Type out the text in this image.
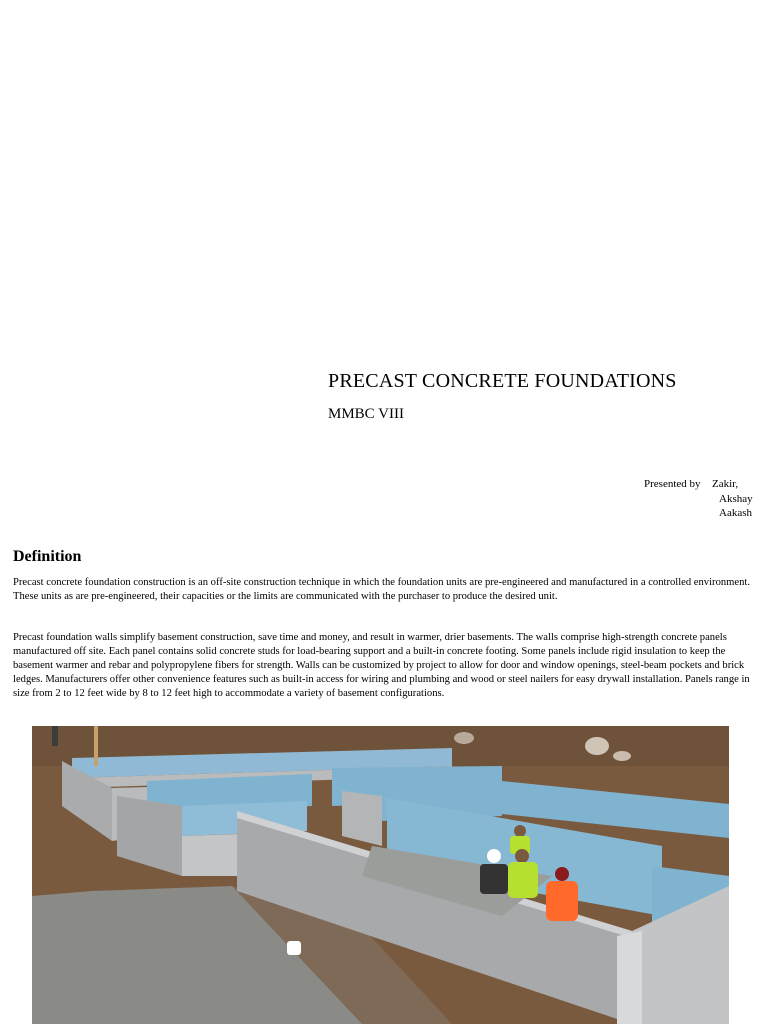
PRECAST CONCRETE FOUNDATIONS
MMBC VIII
Presented by	Zakir,
Akshay
Aakash
Definition

Precast concrete foundation construction is an off-site construction technique in which the foundation units are pre-engineered and manufactured in a controlled environment. These units as are pre-engineered, their capacities or the limits are communicated with the purchaser to produce the desired unit.

Precast foundation walls simplify basement construction, save time and money, and result in warmer, drier basements. The walls comprise high-strength concrete panels manufactured off site. Each panel contains solid concrete studs for load-bearing support and a built-in concrete footing. Some panels include rigid insulation to keep the basement warmer and rebar and polypropylene fibers for strength. Walls can be customized by project to allow for door and window openings, steel-beam pockets and brick ledges. Manufacturers offer other convenience features such as built-in access for wiring and plumbing and wood or steel nailers for easy drywall installation. Panels range in size from 2 to 12 feet wide by 8 to 12 feet high to accommodate a variety of basement configurations.
